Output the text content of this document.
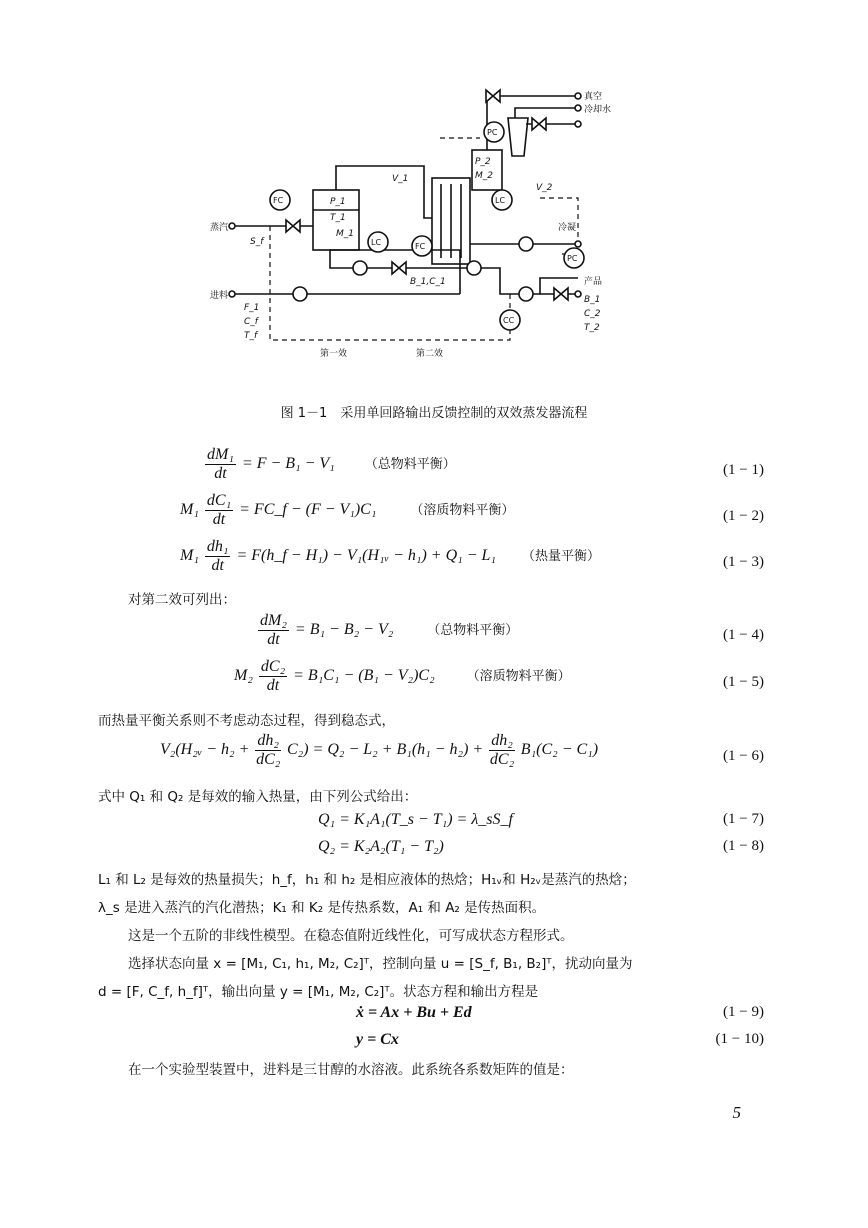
真空
冷却水
蒸汽
S_f
进料
F_1
C_f
T_f
冷凝
产品
B_1
C_2
T_2
第一效	第二效
V_1
V_2
P_1
T_1
M_1
P_2
M_2
B_1,C_1
FC
LC	FC
PC
LC
PC
CC
图 1－1　采用单回路输出反馈控制的双效蒸发器流程
$\frac{\text{dM₁}}{dt} = F - B_1 - V_1$ （总物料平衡）	(1 − 1)
$M_1 \frac{\text{dC₁}}{dt}$ = FC_f − (F − V₁)C₁	（溶质物料平衡）	(1 − 2)
$M_1 \frac{\text{dh₁}}{dt}$ = F(h_f − H₁) − V₁(H₁ᵥ − h₁) + Q₁ − L₁ （热量平衡）	(1 − 3)
对第二效可列出：
$\frac{\text{dM₂}}{dt} = B_1 - B_2 - V_2$	（总物料平衡）	(1 − 4)
$M_2 \frac{\text{dC₂}}{dt} = B_1C_1 - (B_1 - V_2)C_2$ （溶质物料平衡）	(1 − 5)
而热量平衡关系则不考虑动态过程，得到稳态式，
V₂(H₂ᵥ − $h_2 + \frac{\text{dh₂}}{\text{dC₂}} C_2) = Q_2 - L_2 + B_1(h_1 - h_2) + \frac{\text{dh₂}}{\text{dC₂}} B_1(C_2 - C_1)$	(1 − 6)
式中 Q₁ 和 Q₂ 是每效的输入热量，由下列公式给出：
Q₁ = K₁A₁(T_s − T₁) = λ_sS_f	(1 − 7)
Q₂ = K₂A₂(T₁ − T₂)	(1 − 8)
L₁ 和 L₂ 是每效的热量损失；h_f，h₁ 和 h₂ 是相应液体的热焓；H₁ᵥ和 H₂ᵥ是蒸汽的热焓；
λ_s 是进入蒸汽的汽化潜热；K₁ 和 K₂ 是传热系数，A₁ 和 A₂ 是传热面积。
这是一个五阶的非线性模型。在稳态值附近线性化，可写成状态方程形式。
选择状态向量 x = [M₁, C₁, h₁, M₂, C₂]ᵀ，控制向量 u = [S_f, B₁, B₂]ᵀ，扰动向量为
d = [F, C_f, h_f]ᵀ，输出向量 y = [M₁, M₂, C₂]ᵀ。状态方程和输出方程是
ẋ = Ax + Bu + Ed	(1 − 9)
y = Cx	(1 − 10)
在一个实验型装置中，进料是三甘醇的水溶液。此系统各系数矩阵的值是：
5
